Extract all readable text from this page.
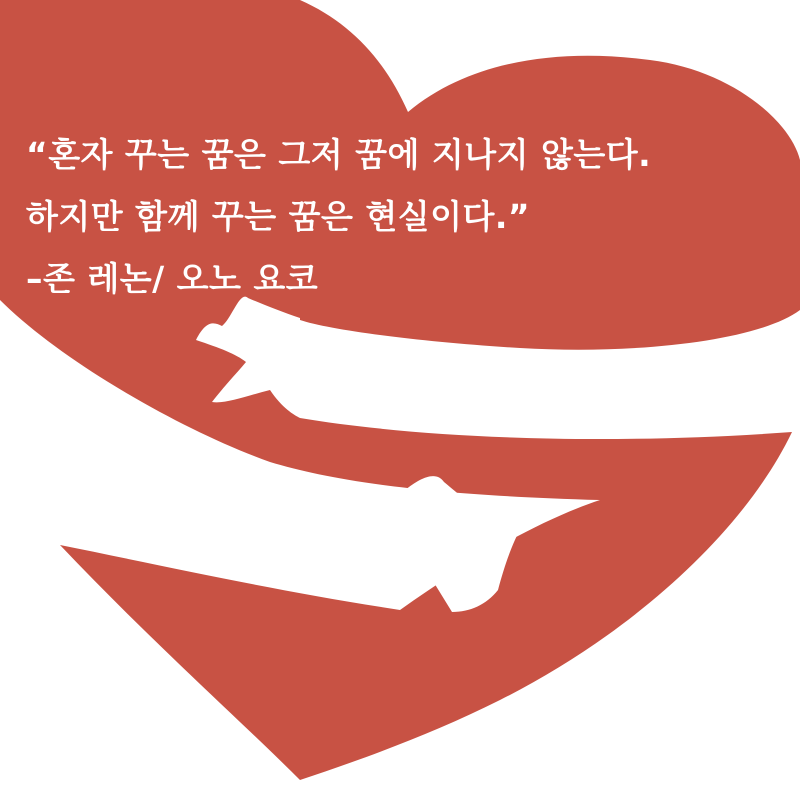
“혼자 꾸는 꿈은 그저 꿈에 지나지 않는다.
하지만 함께 꾸는 꿈은 현실이다.”
–존 레논/ 오노 요코
